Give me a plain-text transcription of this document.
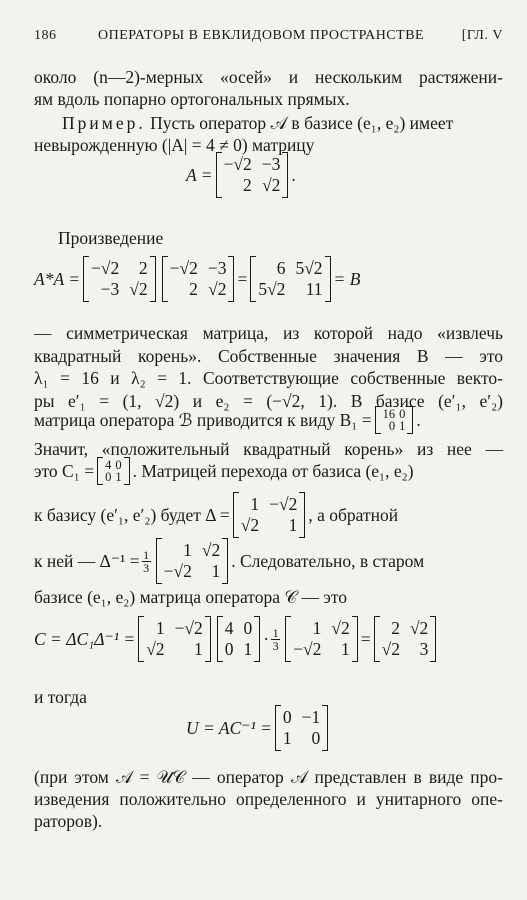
186	ОПЕРАТОРЫ В ЕВКЛИДОВОМ ПРОСТРАНСТВЕ	[ГЛ. V
около (n—2)-мерных «осей» и нескольким растяжени-
ям вдоль попарно ортогональных прямых.
Пример. Пусть оператор 𝒜 в базисе (e₁, e₂) имеет
невырожденную (|A| = 4 ≠ 0) матрицу
A =
−√2 −3
2 √2
.
Произведение
A*A =
−√2	2
−3 √2
−√2 −3
2 √2
=
6 5√2
5√2	11
= B
— симметрическая матрица, из которой надо «извлечь
квадратный корень». Собственные значения B — это
λ₁ = 16 и λ₂ = 1. Соответствующие собственные векто-
ры e′₁ = (1, √2) и e₂ = (−√2, 1). В базисе (e′₁, e′₂)
матрица оператора ℬ приводится к виду B₁ = 16 0
0 1 .
Значит, «положительный квадратный корень» из нее —
это C₁ = 4 0
0 1 . Матрицей перехода от базиса (e₁, e₂)
к базису (e′₁, e′₂) будет Δ =
1 −√2
√2	1
, а обратной
к ней — $\Delta^{-1} = \frac{1}{3}$	1 √2
−√2	1
. Следовательно, в старом
базисе (e₁, e₂) матрица оператора 𝒞 — это
C = ΔC₁Δ⁻¹ =
1 −√2
√2	1
4 0
0 1
· $\frac{1}{3}$	1 √2
−√2	1
=
2 √2
√2	3
и тогда
U = AC⁻¹ =
0 −1
1	0
(при этом 𝒜 = 𝒰𝒞 — оператор 𝒜 представлен в виде про-
изведения положительно определенного и унитарного опе-
раторов).
